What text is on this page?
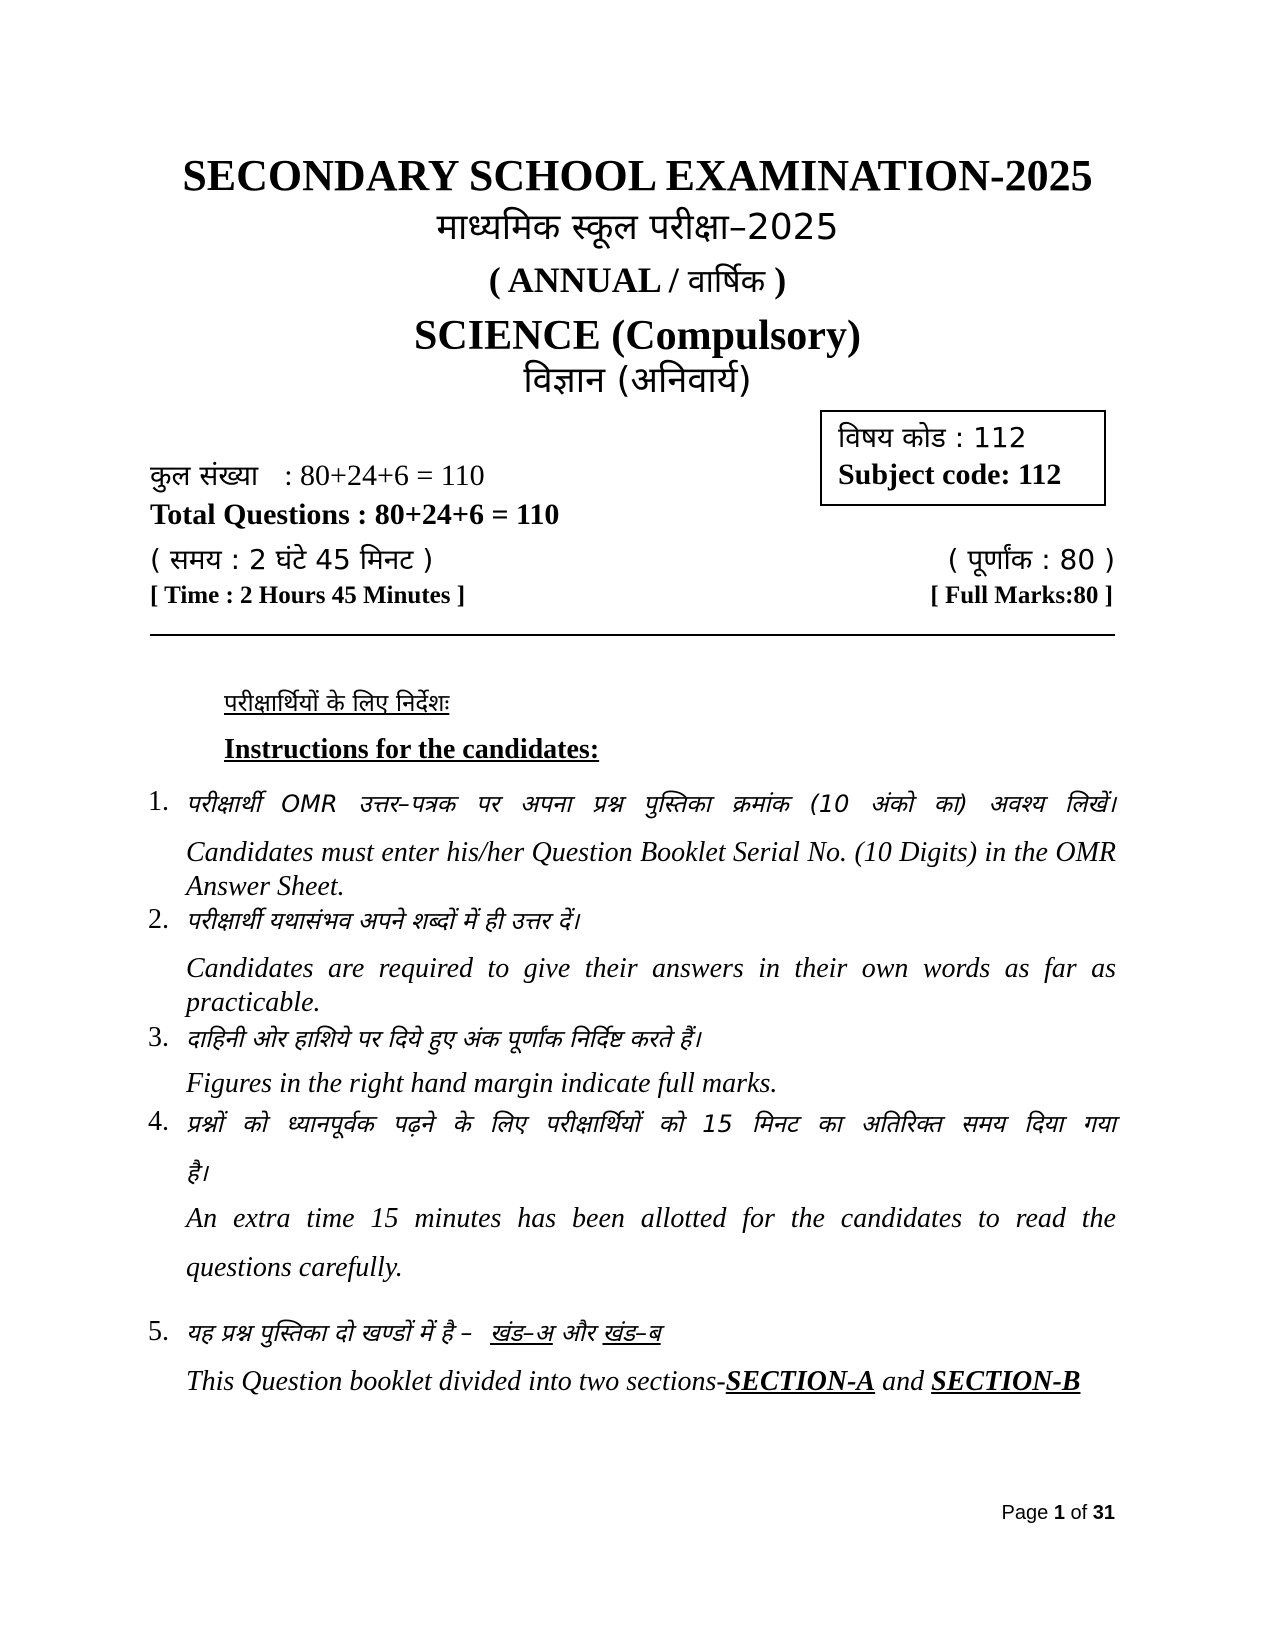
SECONDARY SCHOOL EXAMINATION-2025
माध्यमिक स्कूल परीक्षा–2025
( ANNUAL / वार्षिक )
SCIENCE (Compulsory)
विज्ञान (अनिवार्य)
विषय कोड : 112
Subject code: 112
कुल संख्या : 80+24+6 = 110
Total Questions : 80+24+6 = 110
( समय : 2 घंटे 45 मिनट )
[ Time : 2 Hours 45 Minutes ]
( पूर्णांक : 80 )
[ Full Marks:80 ]
परीक्षार्थियों के लिए निर्देशः
Instructions for the candidates:
1. परीक्षार्थी OMR उत्तर–पत्रक पर अपना प्रश्न पुस्तिका क्रमांक (10 अंको का) अवश्य लिखें।
Candidates must enter his/her Question Booklet Serial No. (10 Digits) in the OMR Answer Sheet.
2. परीक्षार्थी यथासंभव अपने शब्दों में ही उत्तर दें।
Candidates are required to give their answers in their own words as far as practicable.
3. दाहिनी ओर हाशिये पर दिये हुए अंक पूर्णांक निर्दिष्ट करते हैं।
Figures in the right hand margin indicate full marks.
4. प्रश्नों को ध्यानपूर्वक पढ़ने के लिए परीक्षार्थियों को 15 मिनट का अतिरिक्त समय दिया गया
है।
An extra time 15 minutes has been allotted for the candidates to read the
questions carefully.
5. यह प्रश्न पुस्तिका दो खण्डों में है – खंड–अ और खंड–ब
This Question booklet divided into two sections-SECTION-A and SECTION-B
Page 1 of 31
